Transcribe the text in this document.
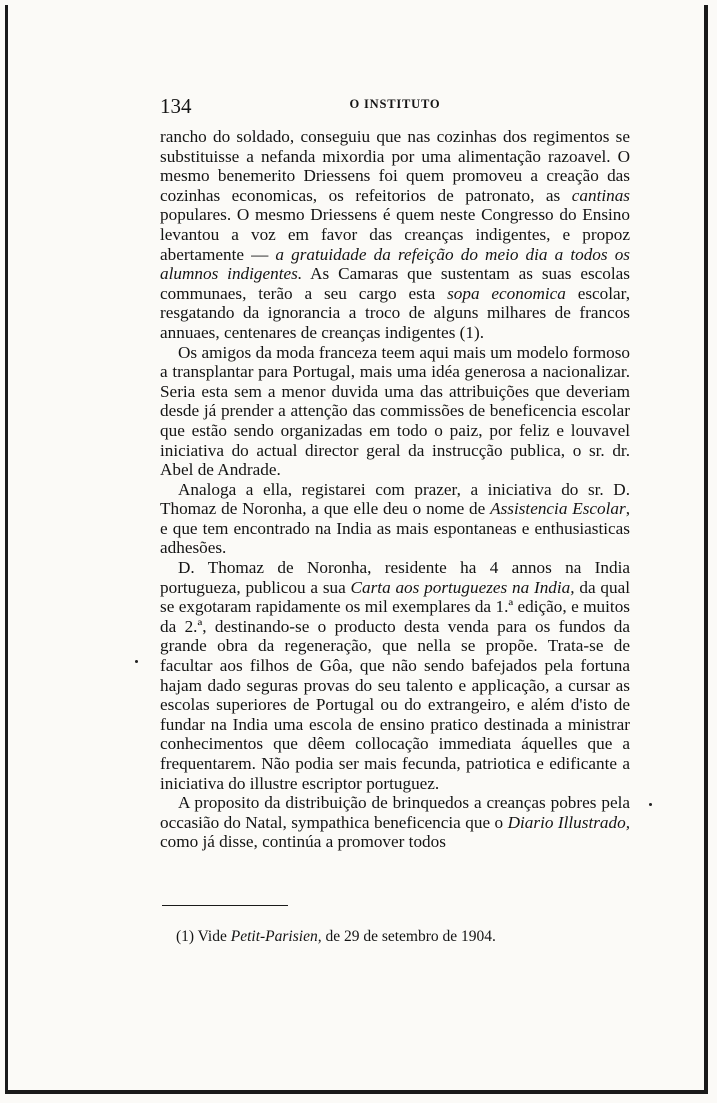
134	O INSTITUTO

rancho do soldado, conseguiu que nas cozinhas dos regimentos se substituisse a nefanda mixordia por uma alimentação razoavel. O mesmo benemerito Driessens foi quem promoveu a creação das cozinhas economicas, os refeitorios de patronato, as cantinas populares. O mesmo Driessens é quem neste Congresso do Ensino levantou a voz em favor das creanças indigentes, e propoz abertamente — a gratuidade da refeição do meio dia a todos os alumnos indigentes. As Camaras que sustentam as suas escolas communaes, terão a seu cargo esta sopa economica escolar, resgatando da ignorancia a troco de alguns milhares de francos annuaes, centenares de creanças indigentes (1).

Os amigos da moda franceza teem aqui mais um modelo formoso a transplantar para Portugal, mais uma idéa generosa a nacionalizar. Seria esta sem a menor duvida uma das attribuições que deveriam desde já prender a attenção das commissões de beneficencia escolar que estão sendo organizadas em todo o paiz, por feliz e louvavel iniciativa do actual director geral da instrucção publica, o sr. dr. Abel de Andrade.

Analoga a ella, registarei com prazer, a iniciativa do sr. D. Thomaz de Noronha, a que elle deu o nome de Assistencia Escolar, e que tem encontrado na India as mais espontaneas e enthusiasticas adhesões.

D. Thomaz de Noronha, residente ha 4 annos na India portugueza, publicou a sua Carta aos portuguezes na India, da qual se exgotaram rapidamente os mil exemplares da 1.ª edição, e muitos da 2.ª, destinando-se o producto desta venda para os fundos da grande obra da regeneração, que nella se propõe. Trata-se de facultar aos filhos de Gôa, que não sendo bafejados pela fortuna hajam dado seguras provas do seu talento e applicação, a cursar as escolas superiores de Portugal ou do extrangeiro, e além d'isto de fundar na India uma escola de ensino pratico destinada a ministrar conhecimentos que dêem collocação immediata áquelles que a frequentarem. Não podia ser mais fecunda, patriotica e edificante a iniciativa do illustre escriptor portuguez.

A proposito da distribuição de brinquedos a creanças pobres pela occasião do Natal, sympathica beneficencia que o Diario Illustrado, como já disse, continúa a promover todos

(1) Vide Petit-Parisien, de 29 de setembro de 1904.
